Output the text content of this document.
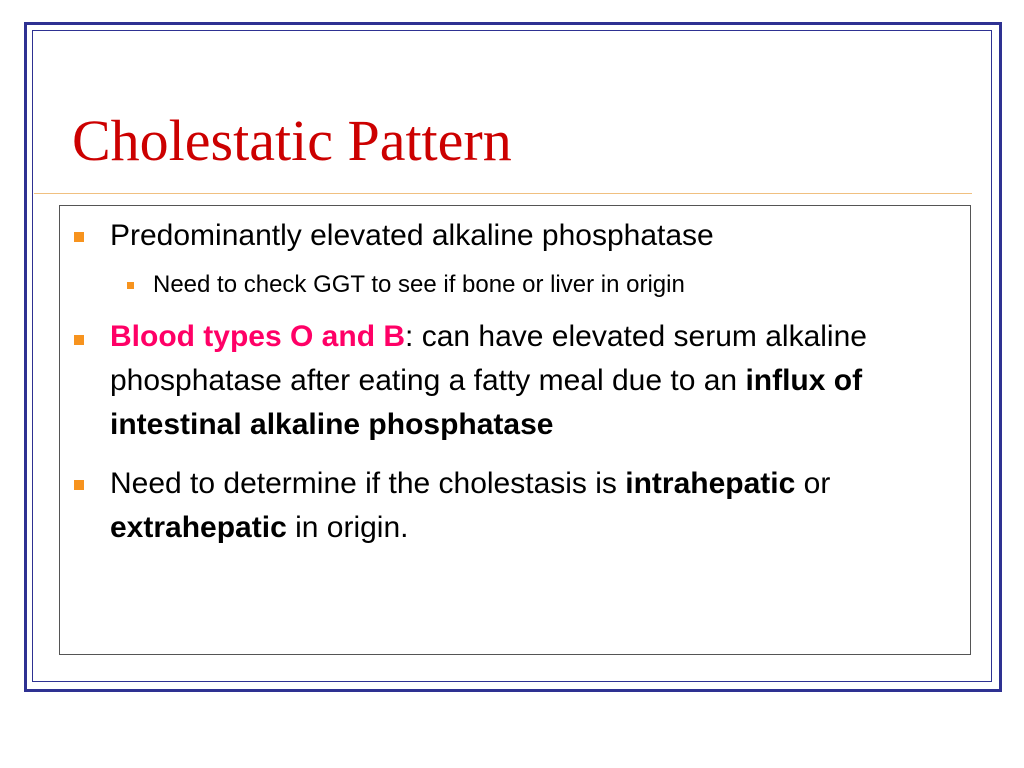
Cholestatic Pattern

Predominantly elevated alkaline phosphatase

Need to check GGT to see if bone or liver in origin

Blood types O and B: can have elevated serum alkaline phosphatase after eating a fatty meal due to an influx of intestinal alkaline phosphatase

Need to determine if the cholestasis is intrahepatic or extrahepatic in origin.
